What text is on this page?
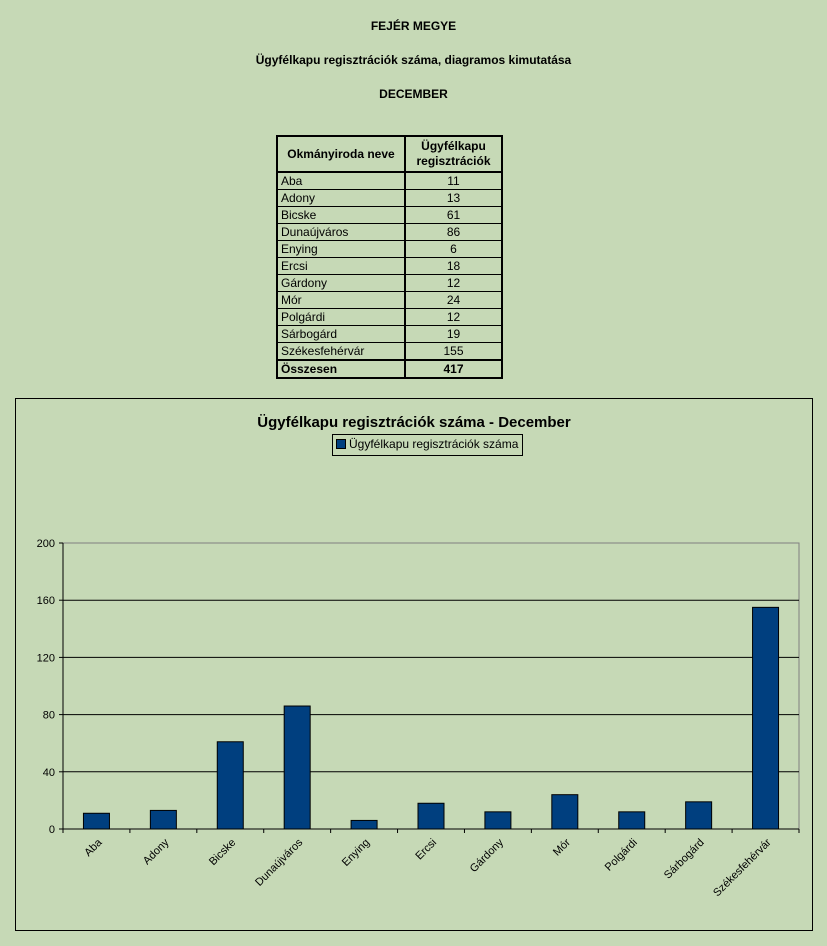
FEJÉR MEGYE
Ügyfélkapu regisztrációk száma, diagramos kimutatása
DECEMBER
Okmányiroda neve	Ügyfélkapu
regisztrációk
Aba	11
Adony	13
Bicske	61
Dunaújváros	86
Enying	6
Ercsi	18
Gárdony	12
Mór	24
Polgárdi	12
Sárbogárd	19
Székesfehérvár	155
Összesen	417
Ügyfélkapu regisztrációk száma - December
Ügyfélkapu regisztrációk száma
0
40
80
120
160
200
Aba	Adony	Bicske Dunaújváros	Enying	Ercsi	Gárdony	Mór	Polgárdi Sárbogárd Székesfehérvár
